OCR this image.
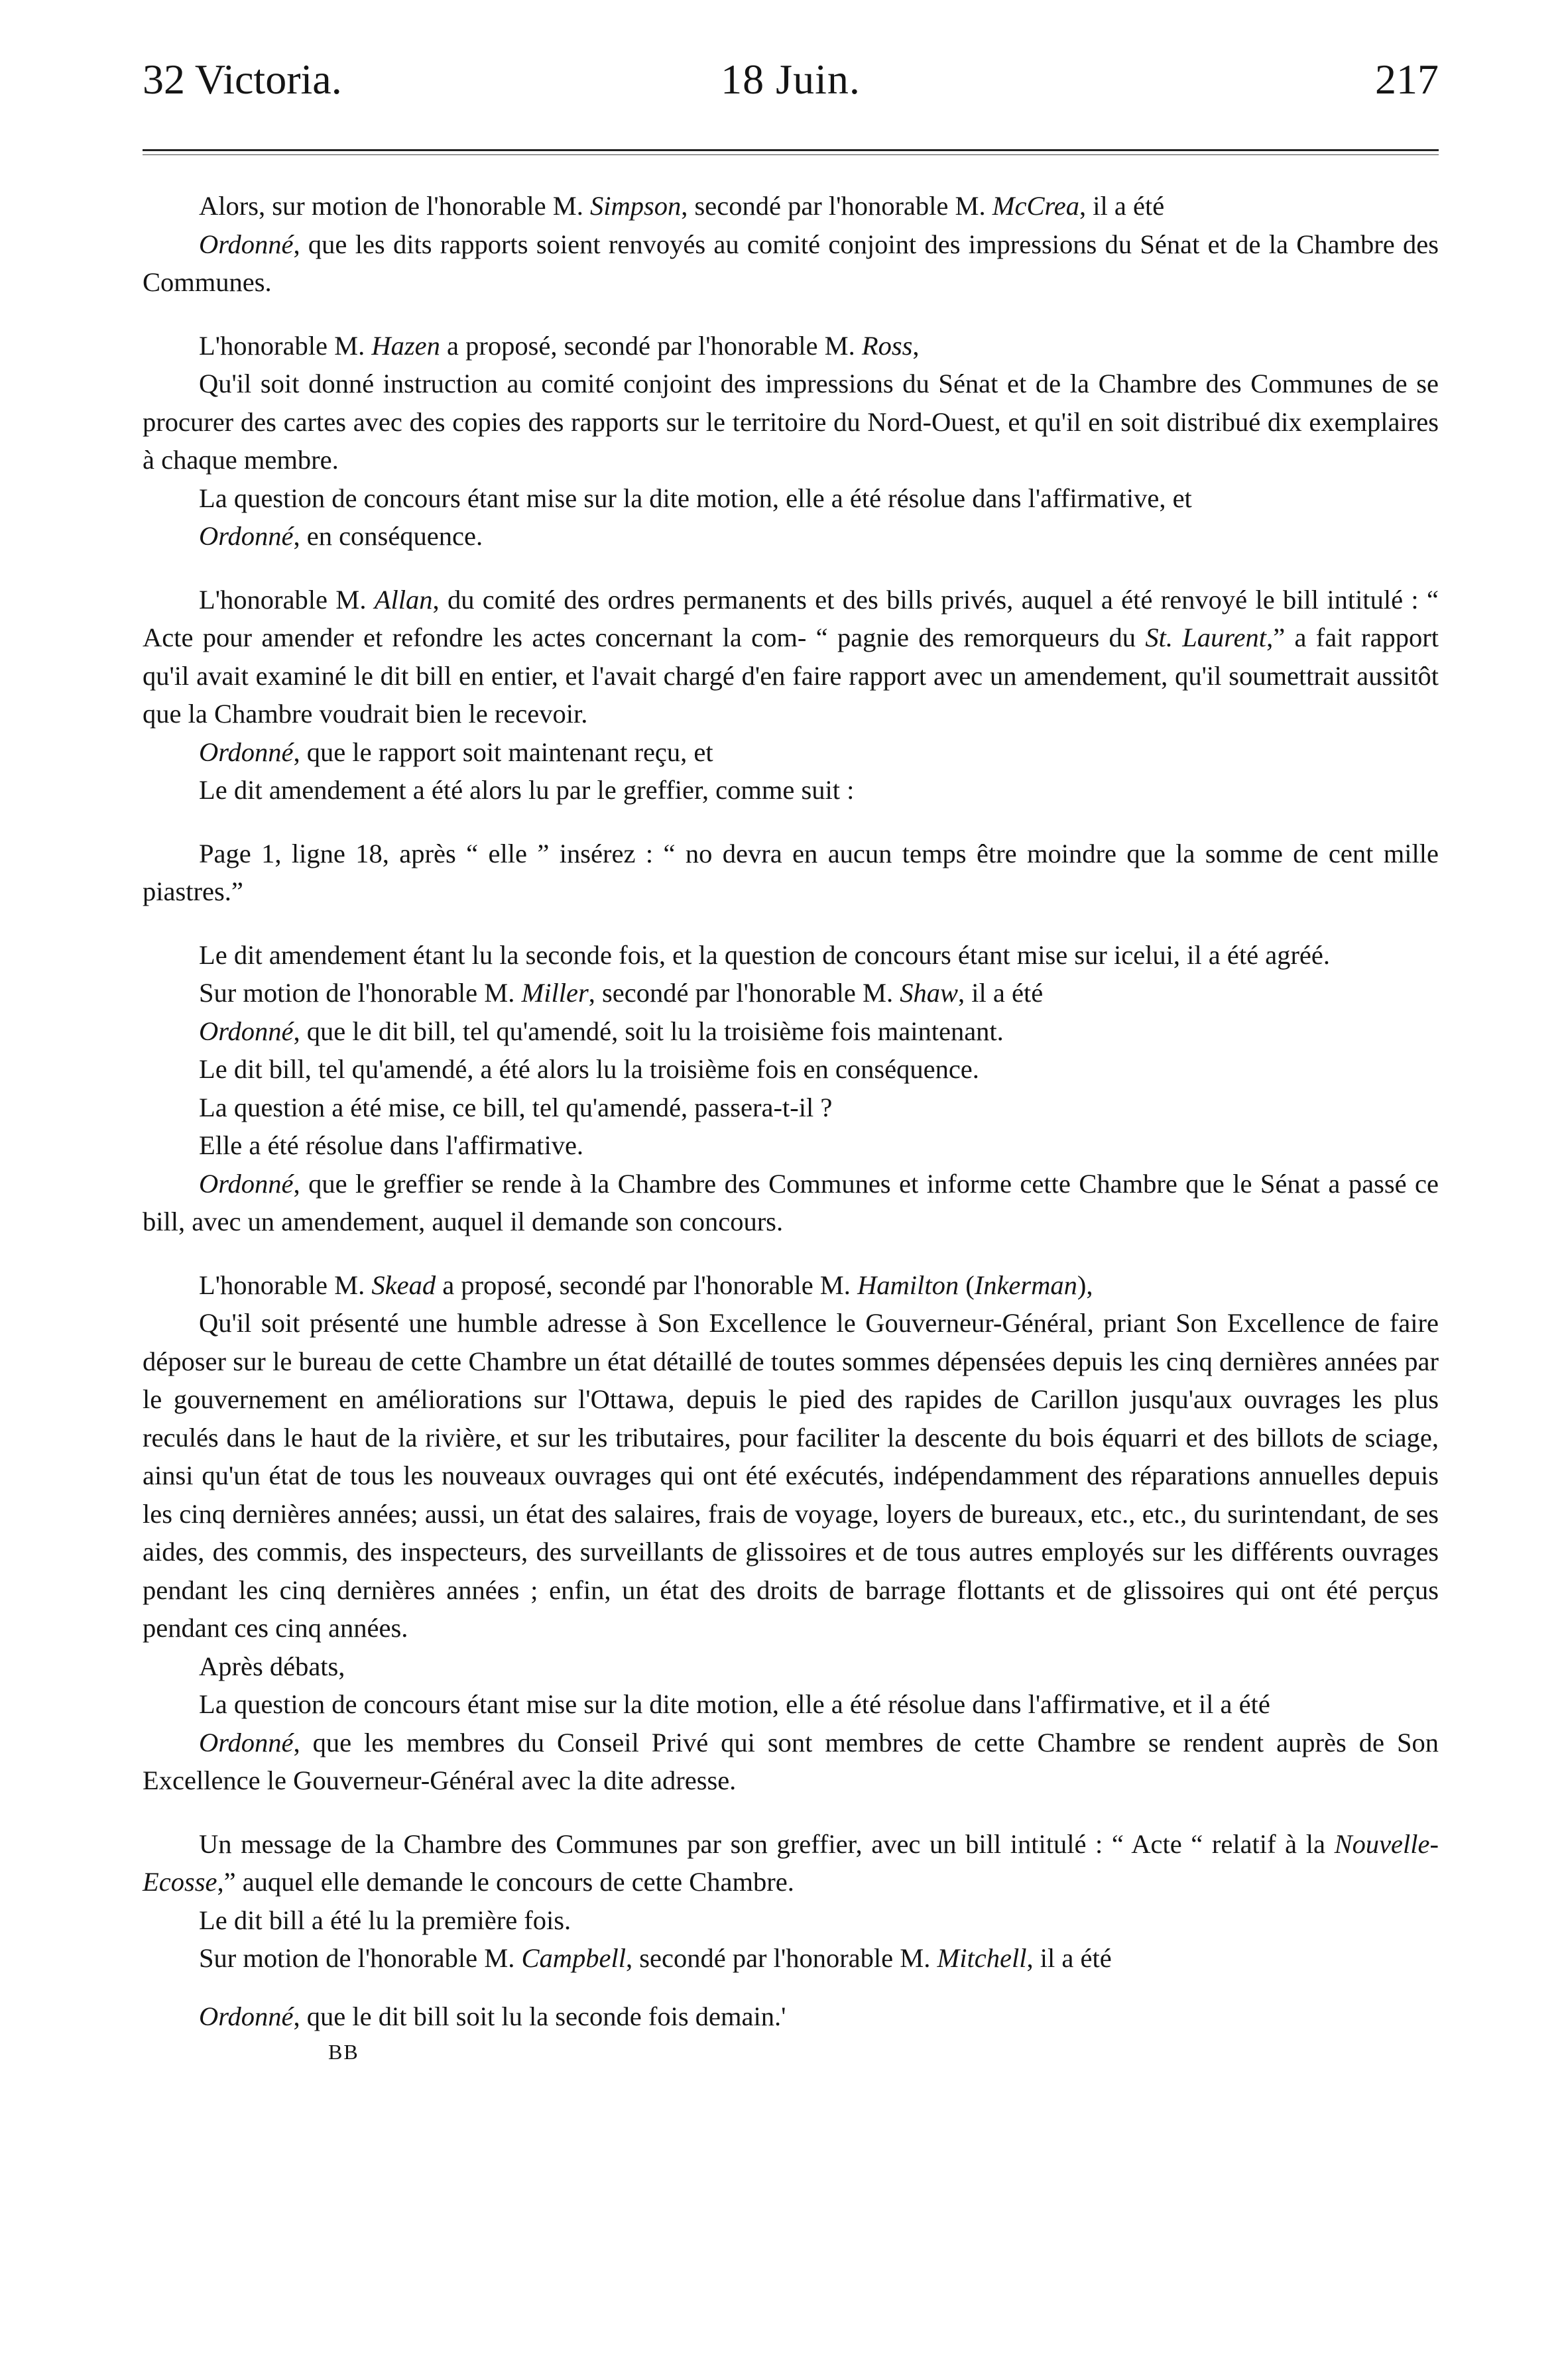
32 Victoria.	18 Juin.	217

Alors, sur motion de l'honorable M. Simpson, secondé par l'honorable M. McCrea, il a été

Ordonné, que les dits rapports soient renvoyés au comité conjoint des impressions du Sénat et de la Chambre des Communes.

L'honorable M. Hazen a proposé, secondé par l'honorable M. Ross,

Qu'il soit donné instruction au comité conjoint des impressions du Sénat et de la Chambre des Communes de se procurer des cartes avec des copies des rapports sur le territoire du Nord-Ouest, et qu'il en soit distribué dix exemplaires à chaque membre.

La question de concours étant mise sur la dite motion, elle a été résolue dans l'affirmative, et

Ordonné, en conséquence.

L'honorable M. Allan, du comité des ordres permanents et des bills privés, auquel a été renvoyé le bill intitulé : “ Acte pour amender et refondre les actes concernant la com- “ pagnie des remorqueurs du St. Laurent,” a fait rapport qu'il avait examiné le dit bill en entier, et l'avait chargé d'en faire rapport avec un amendement, qu'il soumettrait aussitôt que la Chambre voudrait bien le recevoir.

Ordonné, que le rapport soit maintenant reçu, et

Le dit amendement a été alors lu par le greffier, comme suit :

Page 1, ligne 18, après “ elle ” insérez : “ no devra en aucun temps être moindre que la somme de cent mille piastres.”

Le dit amendement étant lu la seconde fois, et la question de concours étant mise sur icelui, il a été agréé.

Sur motion de l'honorable M. Miller, secondé par l'honorable M. Shaw, il a été

Ordonné, que le dit bill, tel qu'amendé, soit lu la troisième fois maintenant.

Le dit bill, tel qu'amendé, a été alors lu la troisième fois en conséquence.

La question a été mise, ce bill, tel qu'amendé, passera-t-il ?

Elle a été résolue dans l'affirmative.

Ordonné, que le greffier se rende à la Chambre des Communes et informe cette Chambre que le Sénat a passé ce bill, avec un amendement, auquel il demande son concours.

L'honorable M. Skead a proposé, secondé par l'honorable M. Hamilton (Inkerman),

Qu'il soit présenté une humble adresse à Son Excellence le Gouverneur-Général, priant Son Excellence de faire déposer sur le bureau de cette Chambre un état détaillé de toutes sommes dépensées depuis les cinq dernières années par le gouvernement en améliorations sur l'Ottawa, depuis le pied des rapides de Carillon jusqu'aux ouvrages les plus reculés dans le haut de la rivière, et sur les tributaires, pour faciliter la descente du bois équarri et des billots de sciage, ainsi qu'un état de tous les nouveaux ouvrages qui ont été exécutés, indépendamment des réparations annuelles depuis les cinq dernières années; aussi, un état des salaires, frais de voyage, loyers de bureaux, etc., etc., du surintendant, de ses aides, des commis, des inspecteurs, des surveillants de glissoires et de tous autres employés sur les différents ouvrages pendant les cinq dernières années ; enfin, un état des droits de barrage flottants et de glissoires qui ont été perçus pendant ces cinq années.

Après débats,

La question de concours étant mise sur la dite motion, elle a été résolue dans l'affirmative, et il a été

Ordonné, que les membres du Conseil Privé qui sont membres de cette Chambre se rendent auprès de Son Excellence le Gouverneur-Général avec la dite adresse.

Un message de la Chambre des Communes par son greffier, avec un bill intitulé : “ Acte “ relatif à la Nouvelle-Ecosse,” auquel elle demande le concours de cette Chambre.

Le dit bill a été lu la première fois.

Sur motion de l'honorable M. Campbell, secondé par l'honorable M. Mitchell, il a été

Ordonné, que le dit bill soit lu la seconde fois demain.'

BB
